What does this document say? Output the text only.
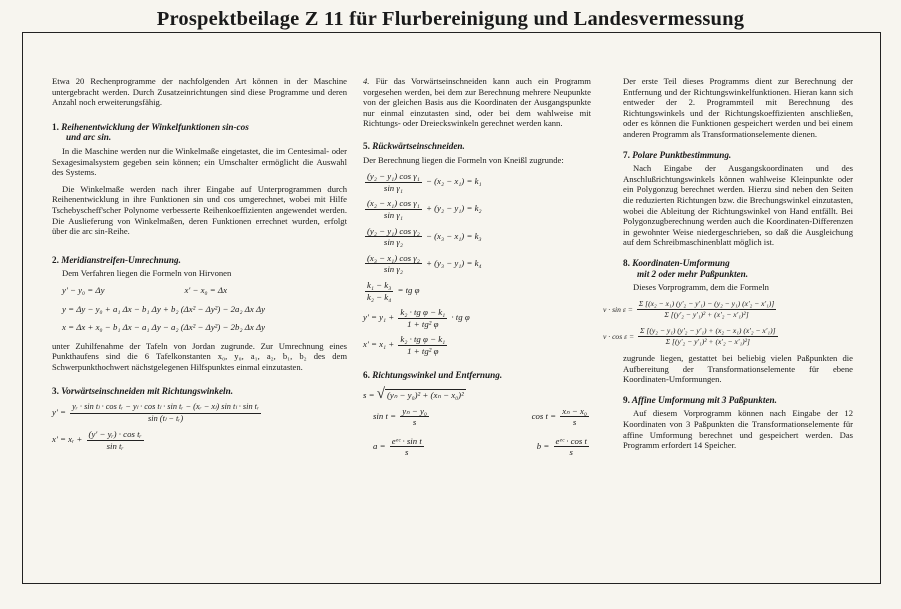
Prospektbeilage Z 11 für Flurbereinigung und Landesvermessung

Etwa 20 Rechenprogramme der nachfolgenden Art können in der Maschine untergebracht werden. Durch Zusatzeinrichtungen sind diese Programme und deren Anzahl noch erweiterungsfähig.

1. Reihenentwicklung der Winkelfunktionen sin-cos
und arc sin.

In die Maschine werden nur die Winkelmaße eingetastet, die im Centesimal- oder Sexagesimalsystem gegeben sein können; ein Umschalter ermöglicht die Auswahl des Systems.

Die Winkelmaße werden nach ihrer Eingabe auf Unterprogrammen durch Reihenentwicklung in ihre Funktionen sin und cos umgerechnet, wobei mit Hilfe Tschebyscheff'scher Polynome verbesserte Reihenkoeffizienten angewendet werden. Die Auslieferung von Winkelmaßen, deren Funktionen errechnet wurden, erfolgt über die arc sin-Reihe.

2. Meridianstreifen-Umrechnung.

Dem Verfahren liegen die Formeln von Hirvonen

y' − y₀ = Δy	x' − x₀ = Δx
y = Δy − y₀ + a₁ Δx − b₁ Δy + b₂ (Δx² − Δy²) − 2a₂ Δx Δy
x = Δx + x₀ − b₁ Δx − a₁ Δy − a₂ (Δx² − Δy²) − 2b₂ Δx Δy

unter Zuhilfenahme der Tafeln von Jordan zugrunde. Zur Umrechnung eines Punkthaufens sind die 6 Tafelkonstanten x₀, y₀, a₁, a₂, b₁, b₂ des dem Schwerpunkthochwert nächstgelegenen Hilfspunktes einmal einzutasten.

3. Vorwärtseinschneiden mit Richtungswinkeln.
y' =
yᵣ · sin tₗ · cos tᵣ − yₗ · cos tₗ · sin tᵣ − (xᵣ − xₗ) sin tₗ · sin tᵣ
sin (tₗ − tᵣ)
x' = xᵣ + $\frac{\text{(y' − yᵣ) · cos tᵣ}}{\text{sin tᵣ}}$

4. Für das Vorwärtseinschneiden kann auch ein Programm vorgesehen werden, bei dem zur Berechnung mehrere Neupunkte von der gleichen Basis aus die Koordinaten der Ausgangspunkte nur einmal einzutasten sind, oder bei dem wahlweise mit Richtungs- oder Dreieckswinkeln gerechnet werden kann.

5. Rückwärtseinschneiden.

Der Berechnung liegen die Formeln von Kneißl zugrunde:

$\frac{\text{(y₂ − y₁) cos γ₁}}{\text{sin γ₁}} - (x_2 - x_1) = k_1$
$\frac{\text{(x₂ − x₁) cos γ₁}}{\text{sin γ₁}} + (y_2 - y_1) = k_2$
$\frac{\text{(y₂ − y₁) cos γ₂}}{\text{sin γ₂}} - (x_3 - x_1) = k_3$
$\frac{\text{(x₃ − x₁) cos γ₂}}{\text{sin γ₂}} + (y_3 - y_1) = k_4$
$\frac{\text{k₁ − k₃}}{\text{k₂ − k₄}}$ = tg φ
$y' = y_1 + \frac{\text{k₂ · tg φ − k₁}}{\text{1 + tg² φ}}$ · tg φ
$x' = x_1 + \frac{\text{k₂ · tg φ − k₁}}{\text{1 + tg² φ}}$
6. Richtungswinkel und Entfernung.
s = √ (yₙ − y₀)² + (xₙ − x₀)²
$\sin t = \frac{\text{yₙ − y₀}}{s}$	$\cos t = \frac{\text{xₙ − x₀}}{s}$
$a = \frac{\text{eᵉᶜ · sin t}}{s}$	$b = \frac{\text{eᵉᶜ · cos t}}{s}$

Der erste Teil dieses Programms dient zur Berechnung der Entfernung und der Richtungswinkelfunktionen. Hieran kann sich entweder der 2. Programmteil mit Berechnung des Richtungswinkels und der Richtungskoeffizienten anschließen, oder es können die Funktionen gespeichert werden und bei einem anderen Programm als Transformationselemente dienen.

7. Polare Punktbestimmung.

Nach Eingabe der Ausgangskoordinaten und des Anschlußrichtungswinkels können wahlweise Kleinpunkte oder ein Polygonzug berechnet werden. Hierzu sind neben den Seiten die reduzierten Richtungen bzw. die Brechungswinkel einzutasten, wobei die Ableitung der Richtungswinkel von Hand entfällt. Bei Polygonzugberechnung werden auch die Koordinaten-Differenzen in gewohnter Weise niedergeschrieben, so daß die Ausgleichung auf dem Schreibmaschinenblatt möglich ist.

8. Koordinaten-Umformung
mit 2 oder mehr Paßpunkten.

Dieses Vorprogramm, dem die Formeln

$v \cdot \sin \varepsilon = \frac{\text{Σ [(x₂ − x₁) (y'₂ − y'₁) − (y₂ − y₁) (x'₂ − x'₁)]}}{\text{Σ [(y'₂ − y'₁)² + (x'₂ − x'₁)²]}}$
$v \cdot \cos \varepsilon = \frac{\text{Σ [(y₂ − y₁) (y'₂ − y'₁) + (x₂ − x₁) (x'₂ − x'₁)]}}{\text{Σ [(y'₂ − y'₁)² + (x'₂ − x'₁)²]}}$

zugrunde liegen, gestattet bei beliebig vielen Paßpunkten die Aufbereitung der Transformationselemente für ebene Koordinaten-Umformungen.

9. Affine Umformung mit 3 Paßpunkten.

Auf diesem Vorprogramm können nach Eingabe der 12 Koordinaten von 3 Paßpunkten die Transformationselemente für affine Umformung berechnet und gespeichert werden. Das Programm erfordert 14 Speicher.
